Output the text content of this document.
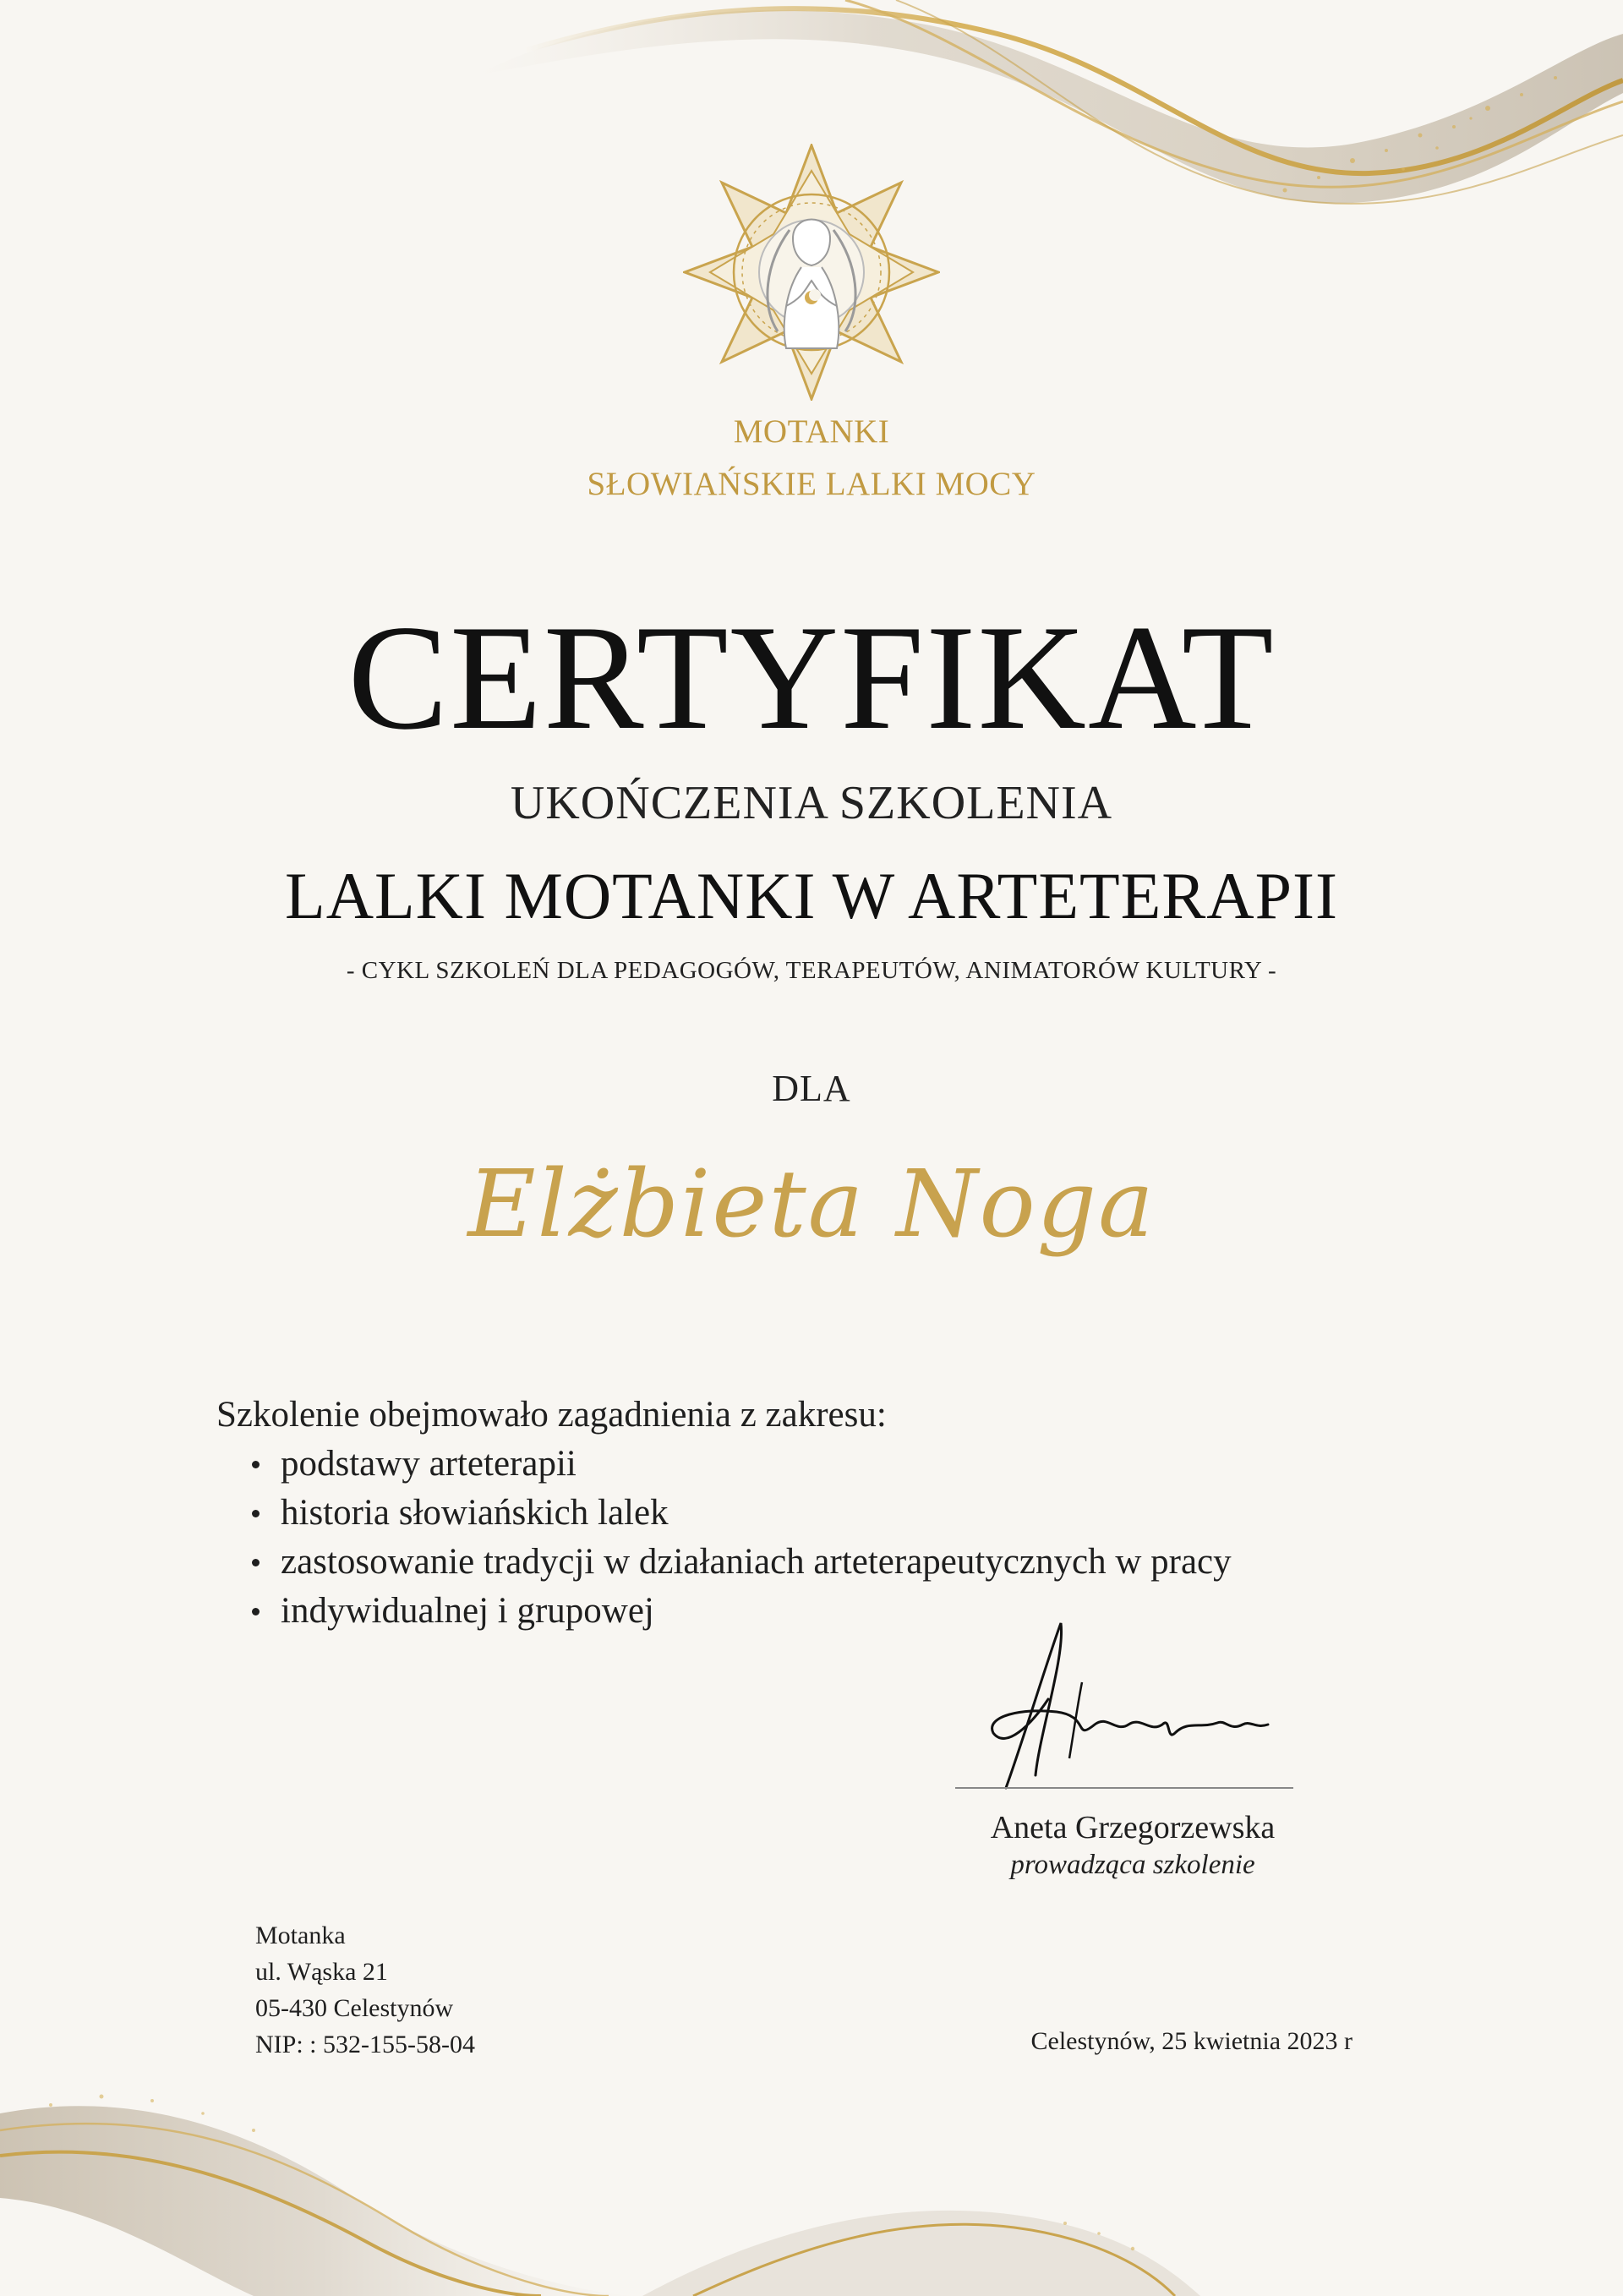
MOTANKI
SŁOWIAŃSKIE LALKI MOCY
CERTYFIKAT
UKOŃCZENIA SZKOLENIA
LALKI MOTANKI W ARTETERAPII
- CYKL SZKOLEŃ DLA PEDAGOGÓW, TERAPEUTÓW, ANIMATORÓW KULTURY -
DLA
Elżbieta Noga
Szkolenie obejmowało zagadnienia z zakresu:
podstawy arteterapii
historia słowiańskich lalek
zastosowanie tradycji w działaniach arteterapeutycznych w pracy
indywidualnej i grupowej
Aneta Grzegorzewska
prowadząca szkolenie
Motanka
ul. Wąska 21
05-430 Celestynów
NIP: : 532-155-58-04	Celestynów, 25 kwietnia 2023 r
